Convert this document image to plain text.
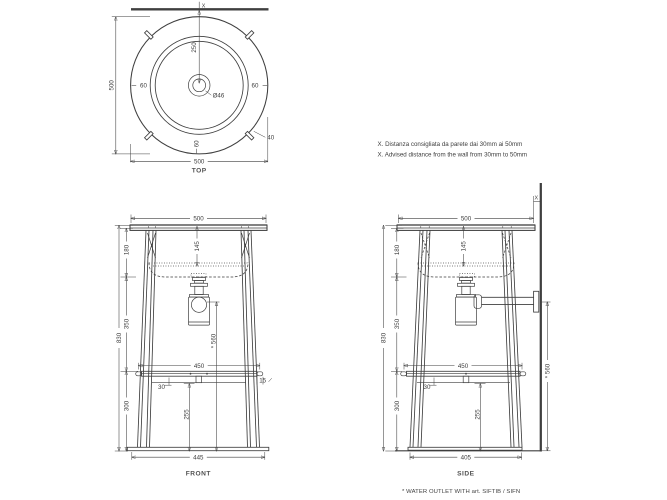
X
250
60	60
60
Ø46
40
500
500
TOP
X. Distanza consigliata da parete dai 30mm ai 50mm
X. Advised distance from the wall from 30mm to 50mm
500
145
180
350
300
830	* 560
450
30
15
255
445
FRONT
X
500
145
180
350
300
830
450
30
255
* 560
405
SIDE
* WATER OUTLET WITH art. SIFTIB / SIFN
